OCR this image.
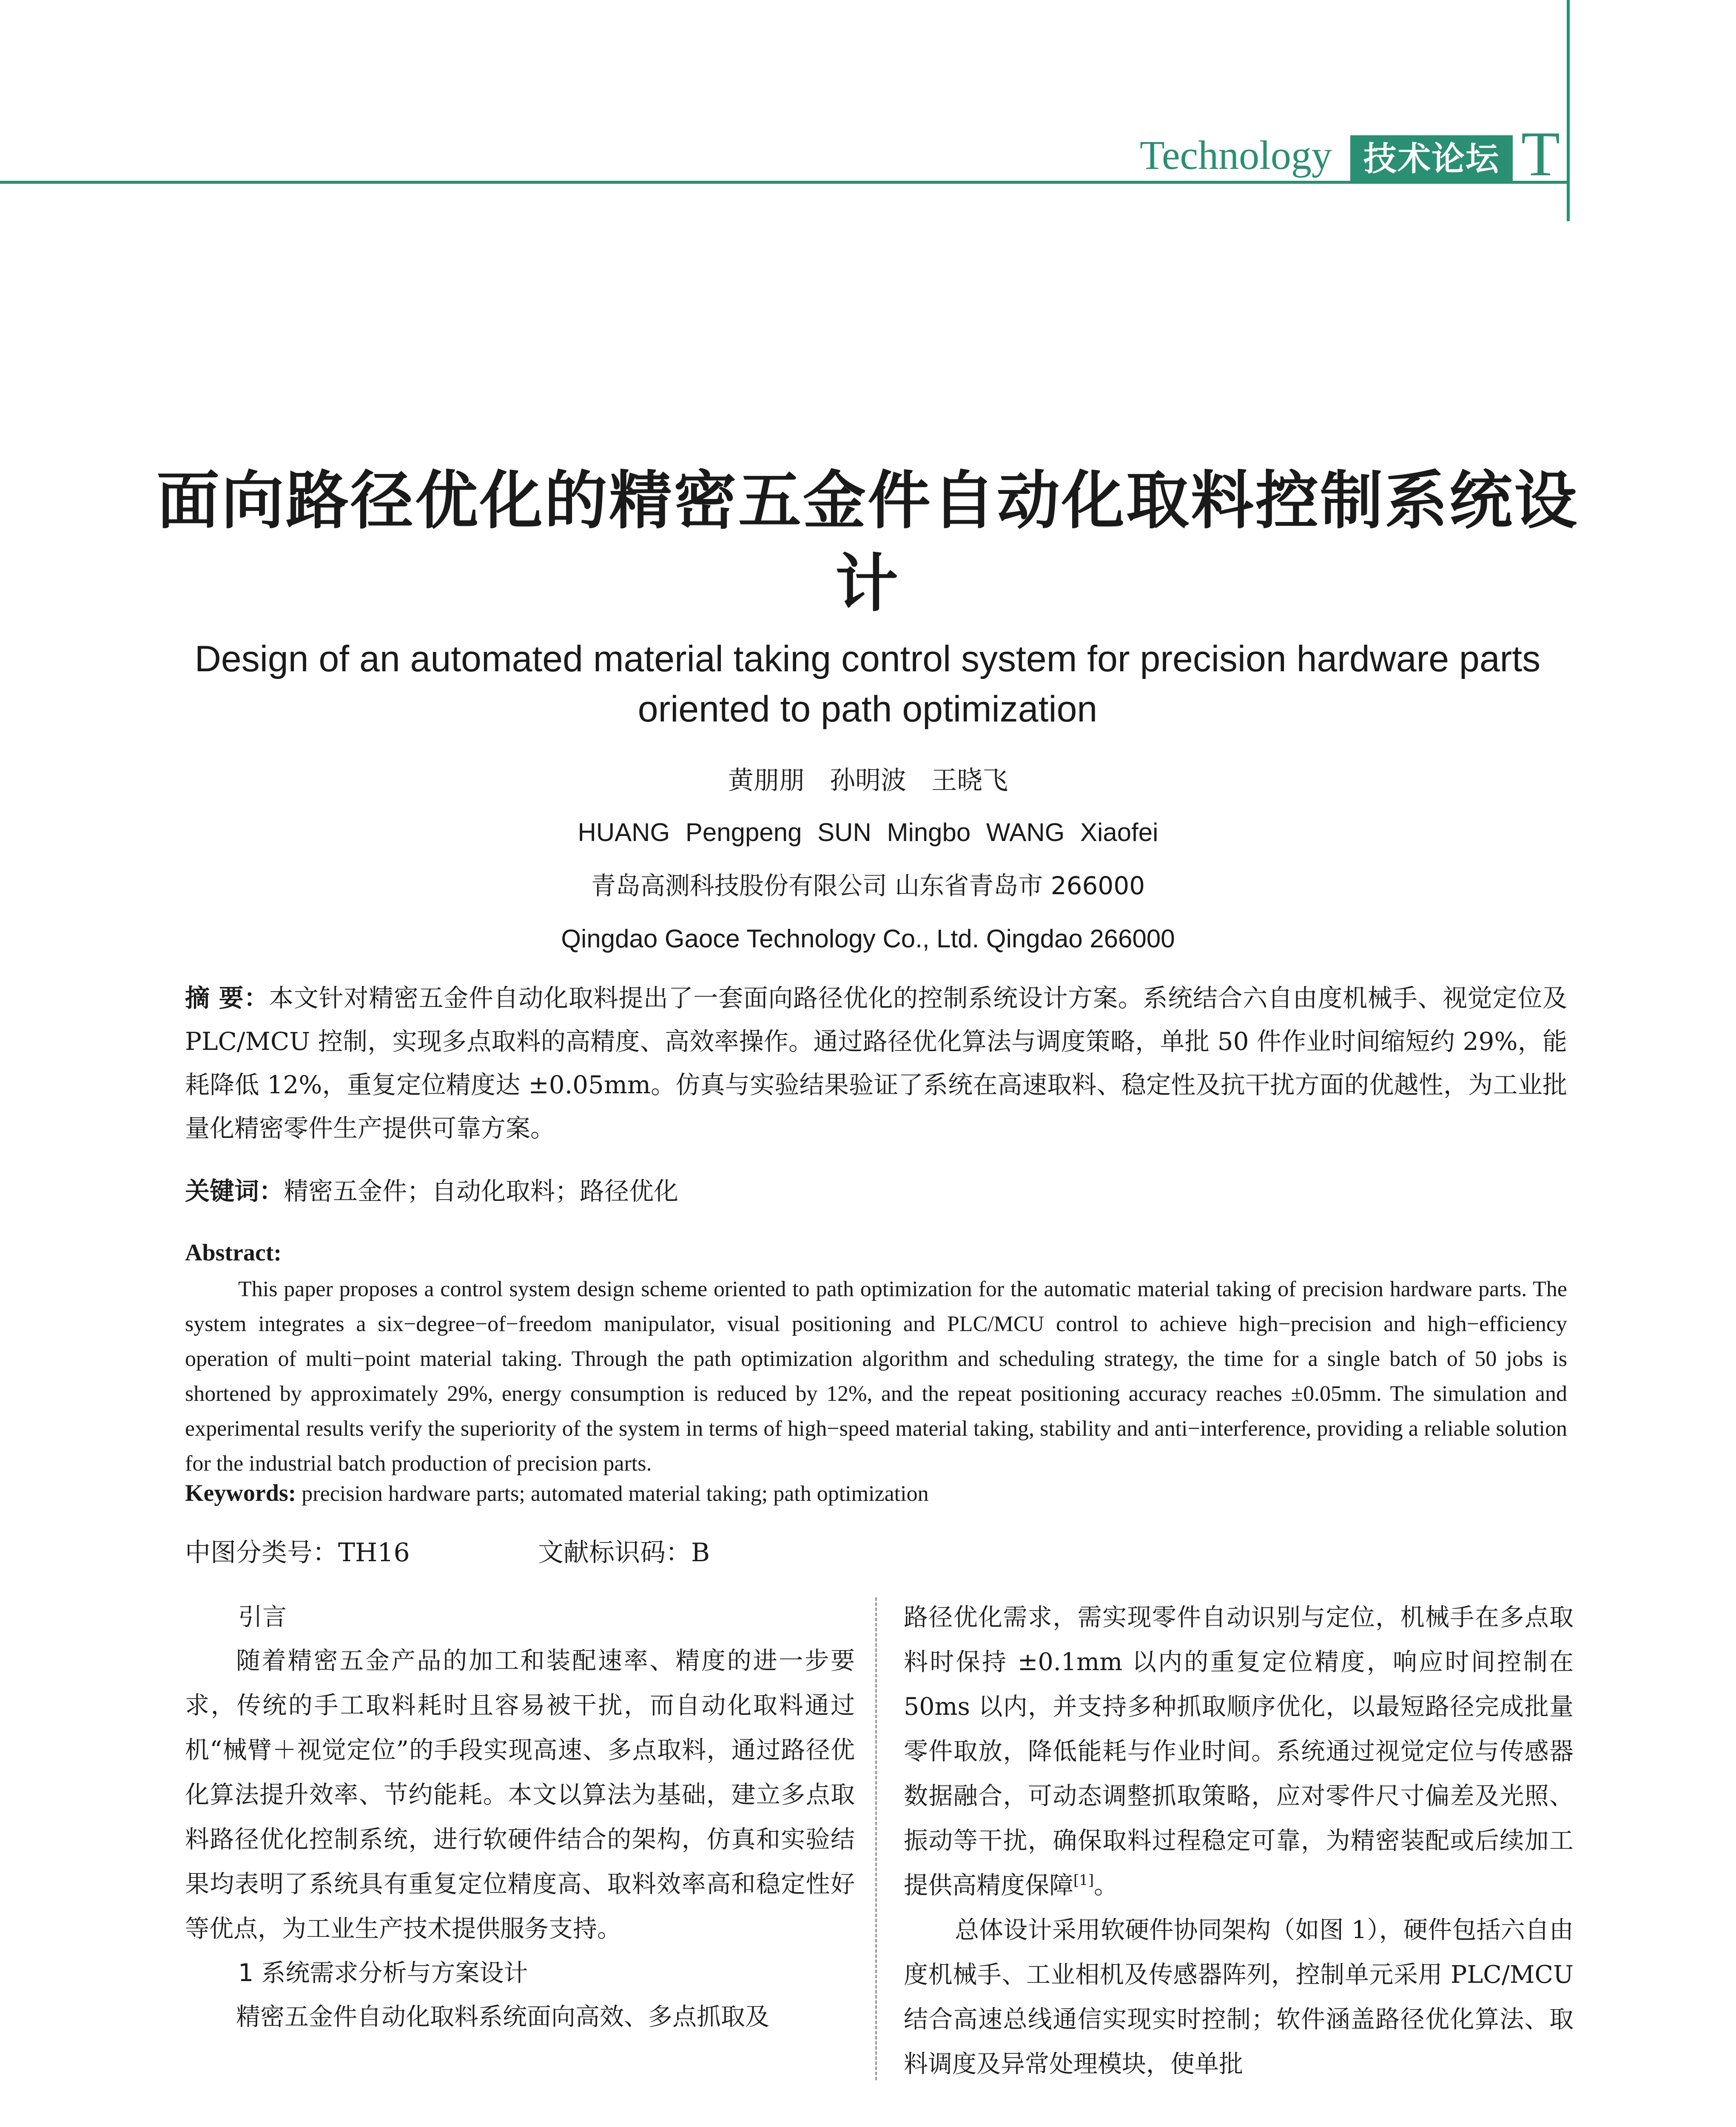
Technology 技术论坛 T
面向路径优化的精密五金件自动化取料控制系统设计
Design of an automated material taking control system for precision hardware parts oriented to path optimization
黄朋朋 孙明波 王晓飞
HUANG Pengpeng SUN Mingbo WANG Xiaofei
青岛高测科技股份有限公司 山东省青岛市 266000
Qingdao Gaoce Technology Co., Ltd. Qingdao 266000
摘 要：本文针对精密五金件自动化取料提出了一套面向路径优化的控制系统设计方案。系统结合六自由度机械手、视觉定位及 PLC/MCU 控制，实现多点取料的高精度、高效率操作。通过路径优化算法与调度策略，单批 50 件作业时间缩短约 29%，能耗降低 12%，重复定位精度达 ±0.05mm。仿真与实验结果验证了系统在高速取料、稳定性及抗干扰方面的优越性，为工业批量化精密零件生产提供可靠方案。
关键词：精密五金件；自动化取料；路径优化
Abstract:
This paper proposes a control system design scheme oriented to path optimization for the automatic material taking of precision hardware parts. The system integrates a six−degree−of−freedom manipulator, visual positioning and PLC/MCU control to achieve high−precision and high−efficiency operation of multi−point material taking. Through the path optimization algorithm and scheduling strategy, the time for a single batch of 50 jobs is shortened by approximately 29%, energy consumption is reduced by 12%, and the repeat positioning accuracy reaches ±0.05mm. The simulation and experimental results verify the superiority of the system in terms of high−speed material taking, stability and anti−interference, providing a reliable solution for the industrial batch production of precision parts.
Keywords: precision hardware parts; automated material taking; path optimization
中图分类号：TH16	文献标识码：B

引言

随着精密五金产品的加工和装配速率、精度的进一步要求，传统的手工取料耗时且容易被干扰，而自动化取料通过机“械臂＋视觉定位”的手段实现高速、多点取料，通过路径优化算法提升效率、节约能耗。本文以算法为基础，建立多点取料路径优化控制系统，进行软硬件结合的架构，仿真和实验结果均表明了系统具有重复定位精度高、取料效率高和稳定性好等优点，为工业生产技术提供服务支持。

1 系统需求分析与方案设计

精密五金件自动化取料系统面向高效、多点抓取及

路径优化需求，需实现零件自动识别与定位，机械手在多点取料时保持 ±0.1mm 以内的重复定位精度，响应时间控制在 50ms 以内，并支持多种抓取顺序优化，以最短路径完成批量零件取放，降低能耗与作业时间。系统通过视觉定位与传感器数据融合，可动态调整抓取策略，应对零件尺寸偏差及光照、振动等干扰，确保取料过程稳定可靠，为精密装配或后续加工提供高精度保障[1]。

总体设计采用软硬件协同架构（如图 1），硬件包括六自由度机械手、工业相机及传感器阵列，控制单元采用 PLC/MCU 结合高速总线通信实现实时控制；软件涵盖路径优化算法、取料调度及异常处理模块，使单批
